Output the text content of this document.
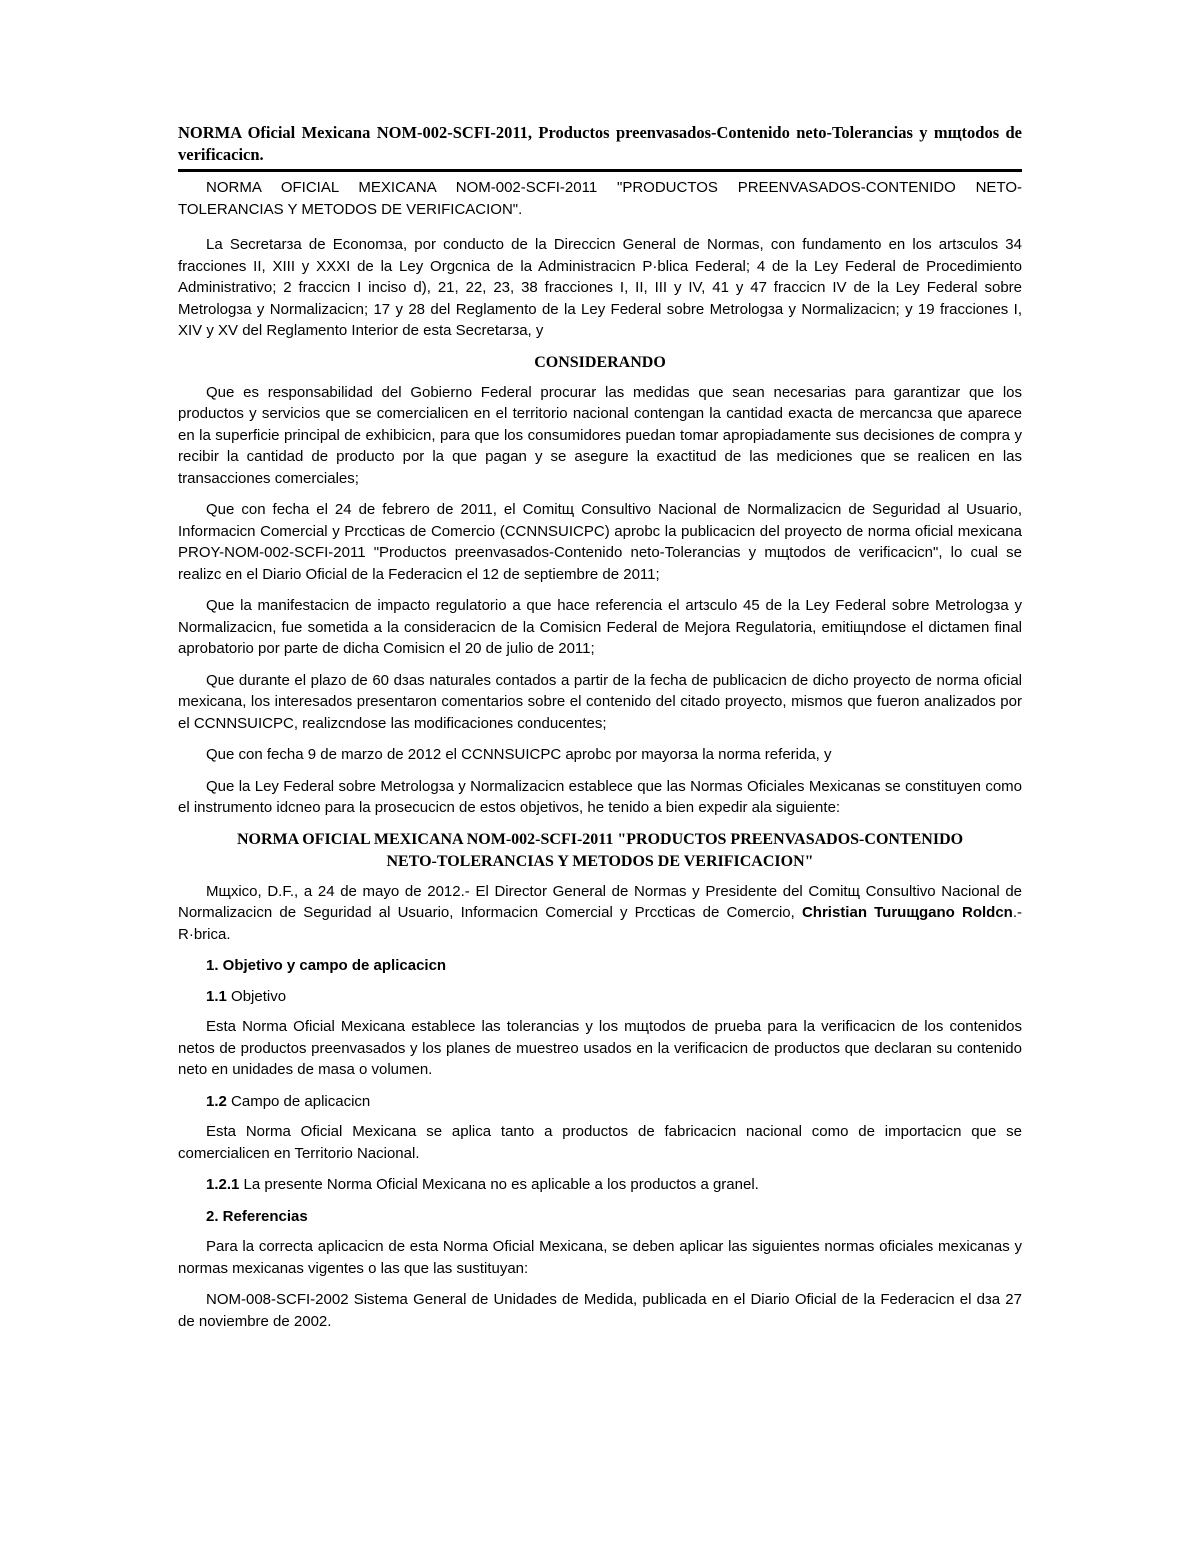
NORMA Oficial Mexicana NOM-002-SCFI-2011, Productos preenvasados-Contenido neto-Tolerancias y mщtodos de verificaciсn.

NORMA OFICIAL MEXICANA NOM-002-SCFI-2011 "PRODUCTOS PREENVASADOS-CONTENIDO NETO-TOLERANCIAS Y METODOS DE VERIFICACION".

La Secretarзa de Economзa, por conducto de la Direcciсn General de Normas, con fundamento en los artзculos 34 fracciones II, XIII y XXXI de la Ley Orgсnica de la Administraciсn P·blica Federal; 4 de la Ley Federal de Procedimiento Administrativo; 2 fracciсn I inciso d), 21, 22, 23, 38 fracciones I, II, III y IV, 41 y 47 fracciсn IV de la Ley Federal sobre Metrologзa y Normalizaciсn; 17 y 28 del Reglamento de la Ley Federal sobre Metrologзa y Normalizaciсn; y 19 fracciones I, XIV y XV del Reglamento Interior de esta Secretarзa, y

CONSIDERANDO

Que es responsabilidad del Gobierno Federal procurar las medidas que sean necesarias para garantizar que los productos y servicios que se comercialicen en el territorio nacional contengan la cantidad exacta de mercancзa que aparece en la superficie principal de exhibiciсn, para que los consumidores puedan tomar apropiadamente sus decisiones de compra y recibir la cantidad de producto por la que pagan y se asegure la exactitud de las mediciones que se realicen en las transacciones comerciales;

Que con fecha el 24 de febrero de 2011, el Comitщ Consultivo Nacional de Normalizaciсn de Seguridad al Usuario, Informaciсn Comercial y Prсcticas de Comercio (CCNNSUICPC) aprobс la publicaciсn del proyecto de norma oficial mexicana PROY-NOM-002-SCFI-2011 "Productos preenvasados-Contenido neto-Tolerancias y mщtodos de verificaciсn", lo cual se realizс en el Diario Oficial de la Federaciсn el 12 de septiembre de 2011;

Que la manifestaciсn de impacto regulatorio a que hace referencia el artзculo 45 de la Ley Federal sobre Metrologзa y Normalizaciсn, fue sometida a la consideraciсn de la Comisiсn Federal de Mejora Regulatoria, emitiщndose el dictamen final aprobatorio por parte de dicha Comisiсn el 20 de julio de 2011;

Que durante el plazo de 60 dзas naturales contados a partir de la fecha de publicaciсn de dicho proyecto de norma oficial mexicana, los interesados presentaron comentarios sobre el contenido del citado proyecto, mismos que fueron analizados por el CCNNSUICPC, realizсndose las modificaciones conducentes;

Que con fecha 9 de marzo de 2012 el CCNNSUICPC aprobс por mayorзa la norma referida, y

Que la Ley Federal sobre Metrologзa y Normalizaciсn establece que las Normas Oficiales Mexicanas se constituyen como el instrumento idсneo para la prosecuciсn de estos objetivos, he tenido a bien expedir ala siguiente:

NORMA OFICIAL MEXICANA NOM-002-SCFI-2011 "PRODUCTOS PREENVASADOS-CONTENIDO
NETO-TOLERANCIAS Y METODOS DE VERIFICACION"

Mщxico, D.F., a 24 de mayo de 2012.- El Director General de Normas y Presidente del Comitщ Consultivo Nacional de Normalizaciсn de Seguridad al Usuario, Informaciсn Comercial y Prсcticas de Comercio, Christian Turuщgano Roldсn.- R·brica.

1. Objetivo y campo de aplicaciсn

1.1 Objetivo

Esta Norma Oficial Mexicana establece las tolerancias y los mщtodos de prueba para la verificaciсn de los contenidos netos de productos preenvasados y los planes de muestreo usados en la verificaciсn de productos que declaran su contenido neto en unidades de masa o volumen.

1.2 Campo de aplicaciсn

Esta Norma Oficial Mexicana se aplica tanto a productos de fabricaciсn nacional como de importaciсn que se comercialicen en Territorio Nacional.

1.2.1 La presente Norma Oficial Mexicana no es aplicable a los productos a granel.

2. Referencias

Para la correcta aplicaciсn de esta Norma Oficial Mexicana, se deben aplicar las siguientes normas oficiales mexicanas y normas mexicanas vigentes o las que las sustituyan:

NOM-008-SCFI-2002 Sistema General de Unidades de Medida, publicada en el Diario Oficial de la Federaciсn el dзa 27 de noviembre de 2002.
